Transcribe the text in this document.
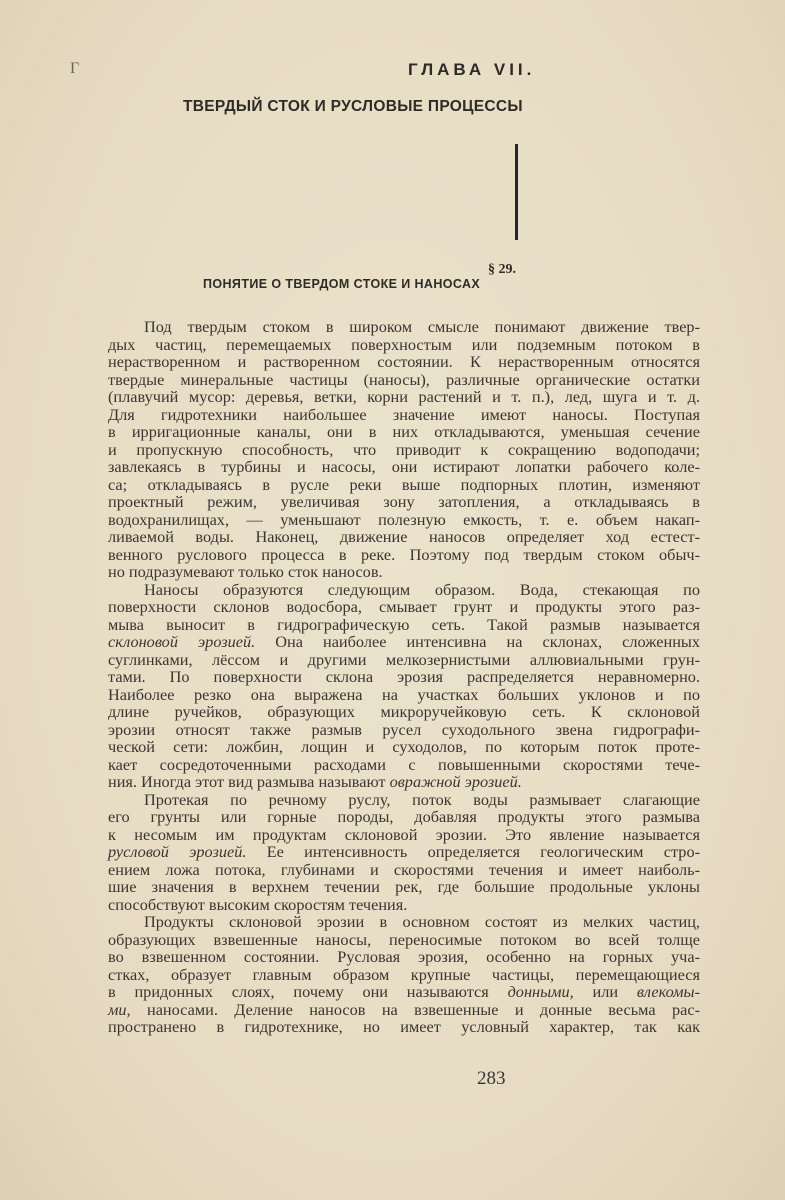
Г	ГЛАВА VII.
ТВЕРДЫЙ СТОК И РУСЛОВЫЕ ПРОЦЕССЫ
§ 29.
ПОНЯТИЕ О ТВЕРДОМ СТОКЕ И НАНОСАХ
Под твердым стоком в широком смысле понимают движение твер-
дых частиц, перемещаемых поверхностым или подземным потоком в
нерастворенном и растворенном состоянии. К нерастворенным относятся
твердые минеральные частицы (наносы), различные органические остатки
(плавучий мусор: деревья, ветки, корни растений и т. п.), лед, шуга и т. д.
Для гидротехники наибольшее значение имеют наносы. Поступая
в ирригационные каналы, они в них откладываются, уменьшая сечение
и пропускную способность, что приводит к сокращению водоподачи;
завлекаясь в турбины и насосы, они истирают лопатки рабочего коле-
са; откладываясь в русле реки выше подпорных плотин, изменяют
проектный режим, увеличивая зону затопления, а откладываясь в
водохранилищах, — уменьшают полезную емкость, т. е. объем накап-
ливаемой воды. Наконец, движение наносов определяет ход естест-
венного руслового процесса в реке. Поэтому под твердым стоком обыч-
но подразумевают только сток наносов.
Наносы образуются следующим образом. Вода, стекающая по
поверхности склонов водосбора, смывает грунт и продукты этого раз-
мыва выносит в гидрографическую сеть. Такой размыв называется
склоновой эрозией. Она наиболее интенсивна на склонах, сложенных
суглинками, лёссом и другими мелкозернистыми аллювиальными грун-
тами. По поверхности склона эрозия распределяется неравномерно.
Наиболее резко она выражена на участках больших уклонов и по
длине ручейков, образующих микроручейковую сеть. К склоновой
эрозии относят также размыв русел суходольного звена гидрографи-
ческой сети: ложбин, лощин и суходолов, по которым поток проте-
кает сосредоточенными расходами с повышенными скоростями тече-
ния. Иногда этот вид размыва называют овражной эрозией.
Протекая по речному руслу, поток воды размывает слагающие
его грунты или горные породы, добавляя продукты этого размыва
к несомым им продуктам склоновой эрозии. Это явление называется
русловой эрозией. Ее интенсивность определяется геологическим стро-
ением ложа потока, глубинами и скоростями течения и имеет наиболь-
шие значения в верхнем течении рек, где большие продольные уклоны
способствуют высоким скоростям течения.
Продукты склоновой эрозии в основном состоят из мелких частиц,
образующих взвешенные наносы, переносимые потоком во всей толще
во взвешенном состоянии. Русловая эрозия, особенно на горных уча-
стках, образует главным образом крупные частицы, перемещающиеся
в придонных слоях, почему они называются донными, или влекомы-
ми, наносами. Деление наносов на взвешенные и донные весьма рас-
пространено в гидротехнике, но имеет условный характер, так как
283
